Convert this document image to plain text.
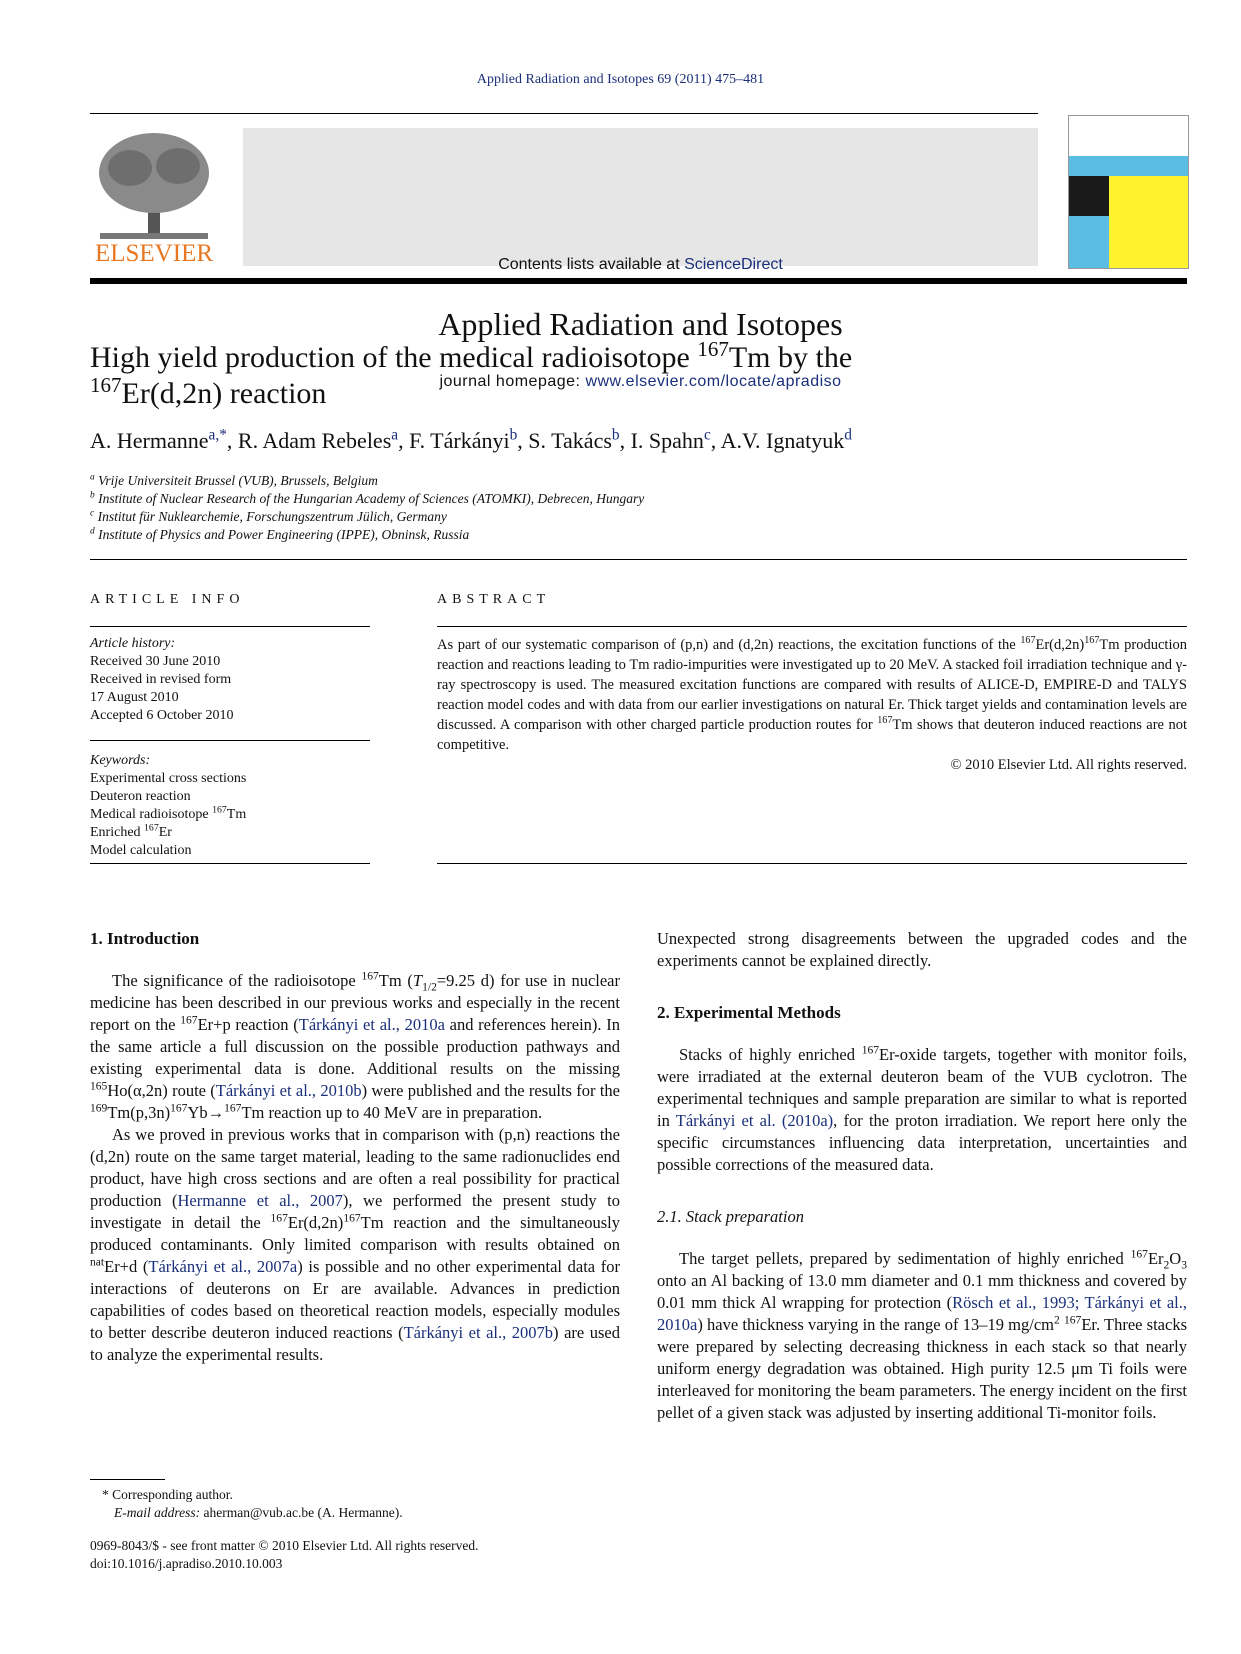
Applied Radiation and Isotopes 69 (2011) 475–481
ELSEVIER	Contents lists available at ScienceDirect
Applied Radiation and Isotopes
journal homepage: www.elsevier.com/locate/apradiso
High yield production of the medical radioisotope $^{167}$Tm by the
$^{167}$Er(d,2n) reaction
A. Hermanne$^{a,*}$, R. Adam Rebeles$^a$, F. Tárkányi$^b$, S. Takács$^b$, I. Spahn$^c$, A.V. Ignatyuk$^d$
$^a$ Vrije Universiteit Brussel (VUB), Brussels, Belgium
$^b$ Institute of Nuclear Research of the Hungarian Academy of Sciences (ATOMKI), Debrecen, Hungary
$^c$ Institut für Nuklearchemie, Forschungszentrum Jülich, Germany
$^d$ Institute of Physics and Power Engineering (IPPE), Obninsk, Russia
ARTICLE INFO
Article history:
Received 30 June 2010
Received in revised form
17 August 2010
Accepted 6 October 2010
Keywords:
Experimental cross sections
Deuteron reaction
Medical radioisotope $^{167}$Tm
Enriched $^{167}$Er
Model calculation
ABSTRACT
As part of our systematic comparison of (p,n) and (d,2n) reactions, the excitation functions of the $^{167}Er(d,2n)^{167}Tm$ production reaction and reactions leading to Tm radio-impurities were investigated up to 20 MeV. A stacked foil irradiation technique and γ-ray spectroscopy is used. The measured excitation functions are compared with results of ALICE-D, EMPIRE-D and TALYS reaction model codes and with data from our earlier investigations on natural Er. Thick target yields and contamination levels are discussed. A comparison with other charged particle production routes for $^{167}$Tm shows that deuteron induced reactions are not competitive.
© 2010 Elsevier Ltd. All rights reserved.
1. Introduction

The significance of the radioisotope $^{167}$Tm ($T_{1/2}=9.25$ d) for use in nuclear medicine has been described in our previous works and especially in the recent report on the $^{167}$Er+p reaction (Tárkányi et al., 2010a and references herein). In the same article a full discussion on the possible production pathways and existing experimental data is done. Additional results on the missing $^{165}$Ho(α,2n) route (Tárkányi et al., 2010b) were published and the results for the $^{169}Tm(p,3n)^{167}Yb\to^{167}Tm$ reaction up to 40 MeV are in preparation.

As we proved in previous works that in comparison with (p,n) reactions the (d,2n) route on the same target material, leading to the same radionuclides end product, have high cross sections and are often a real possibility for practical production (Hermanne et al., 2007), we performed the present study to investigate in detail the $^{167}Er(d,2n)^{167}Tm$ reaction and the simultaneously produced contaminants. Only limited comparison with results obtained on $^{nat}$Er+d (Tárkányi et al., 2007a) is possible and no other experimental data for interactions of deuterons on Er are available. Advances in prediction capabilities of codes based on theoretical reaction models, especially modules to better describe deuteron induced reactions (Tárkányi et al., 2007b) are used to analyze the experimental results.

* Corresponding author.
E-mail address: aherman@vub.ac.be (A. Hermanne).
0969-8043/$ - see front matter © 2010 Elsevier Ltd. All rights reserved.
doi:10.1016/j.apradiso.2010.10.003

Unexpected strong disagreements between the upgraded codes and the experiments cannot be explained directly.

2. Experimental Methods

Stacks of highly enriched $^{167}$Er-oxide targets, together with monitor foils, were irradiated at the external deuteron beam of the VUB cyclotron. The experimental techniques and sample preparation are similar to what is reported in Tárkányi et al. (2010a), for the proton irradiation. We report here only the specific circumstances influencing data interpretation, uncertainties and possible corrections of the measured data.

2.1. Stack preparation

The target pellets, prepared by sedimentation of highly enriched $^{167}Er_2O_3$ onto an Al backing of 13.0 mm diameter and 0.1 mm thickness and covered by 0.01 mm thick Al wrapping for protection (Rösch et al., 1993; Tárkányi et al., 2010a) have thickness varying in the range of 13–19 $mg/cm^2$ $^{167}$Er. Three stacks were prepared by selecting decreasing thickness in each stack so that nearly uniform energy degradation was obtained. High purity 12.5 μm Ti foils were interleaved for monitoring the beam parameters. The energy incident on the first pellet of a given stack was adjusted by inserting additional Ti-monitor foils.
